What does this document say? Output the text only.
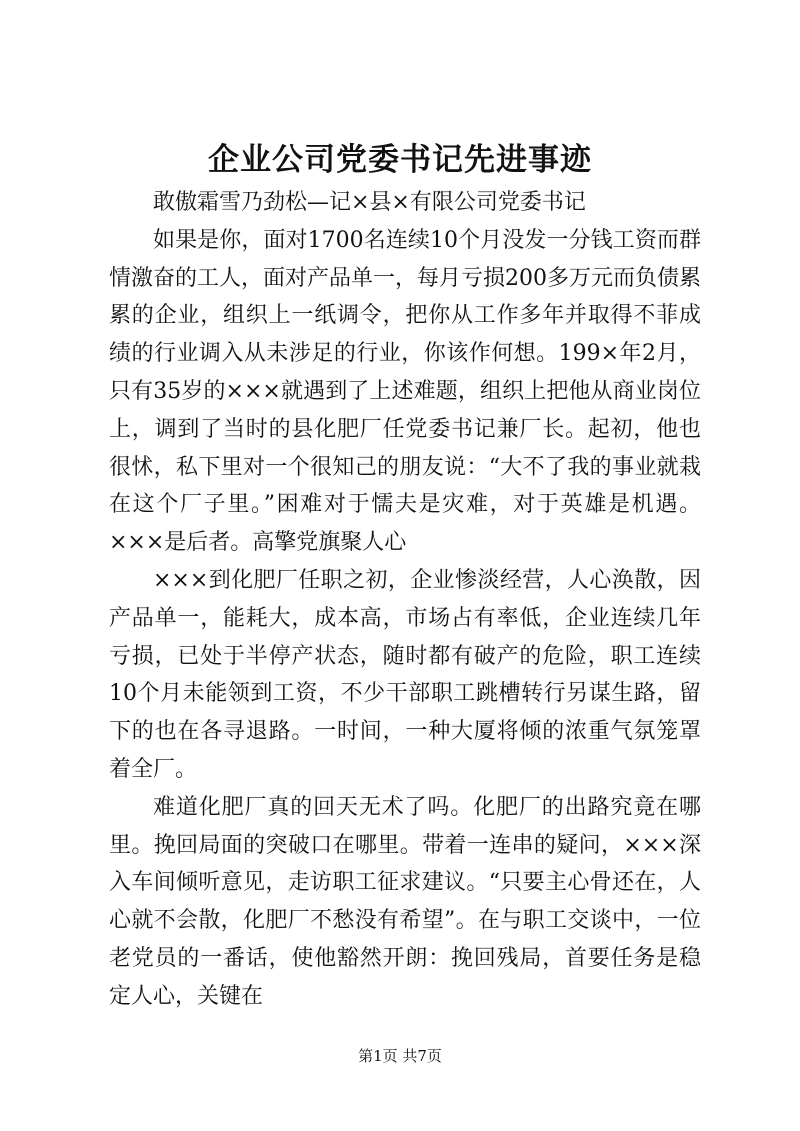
企业公司党委书记先进事迹

敢傲霜雪乃劲松—记×县×有限公司党委书记

如果是你，面对1700名连续10个月没发一分钱工资而群情激奋的工人，面对产品单一，每月亏损200多万元而负债累累的企业，组织上一纸调令，把你从工作多年并取得不菲成绩的行业调入从未涉足的行业，你该作何想。199×年2月，只有35岁的×××就遇到了上述难题，组织上把他从商业岗位上，调到了当时的县化肥厂任党委书记兼厂长。起初，他也很怵，私下里对一个很知己的朋友说：“大不了我的事业就栽在这个厂子里。”困难对于懦夫是灾难，对于英雄是机遇。×××是后者。高擎党旗聚人心

×××到化肥厂任职之初，企业惨淡经营，人心涣散，因产品单一，能耗大，成本高，市场占有率低，企业连续几年亏损，已处于半停产状态，随时都有破产的危险，职工连续10个月未能领到工资，不少干部职工跳槽转行另谋生路，留下的也在各寻退路。一时间，一种大厦将倾的浓重气氛笼罩着全厂。

难道化肥厂真的回天无术了吗。化肥厂的出路究竟在哪里。挽回局面的突破口在哪里。带着一连串的疑问，×××深入车间倾听意见，走访职工征求建议。“只要主心骨还在，人心就不会散，化肥厂不愁没有希望”。在与职工交谈中，一位老党员的一番话，使他豁然开朗：挽回残局，首要任务是稳定人心，关键在

第1页 共7页
